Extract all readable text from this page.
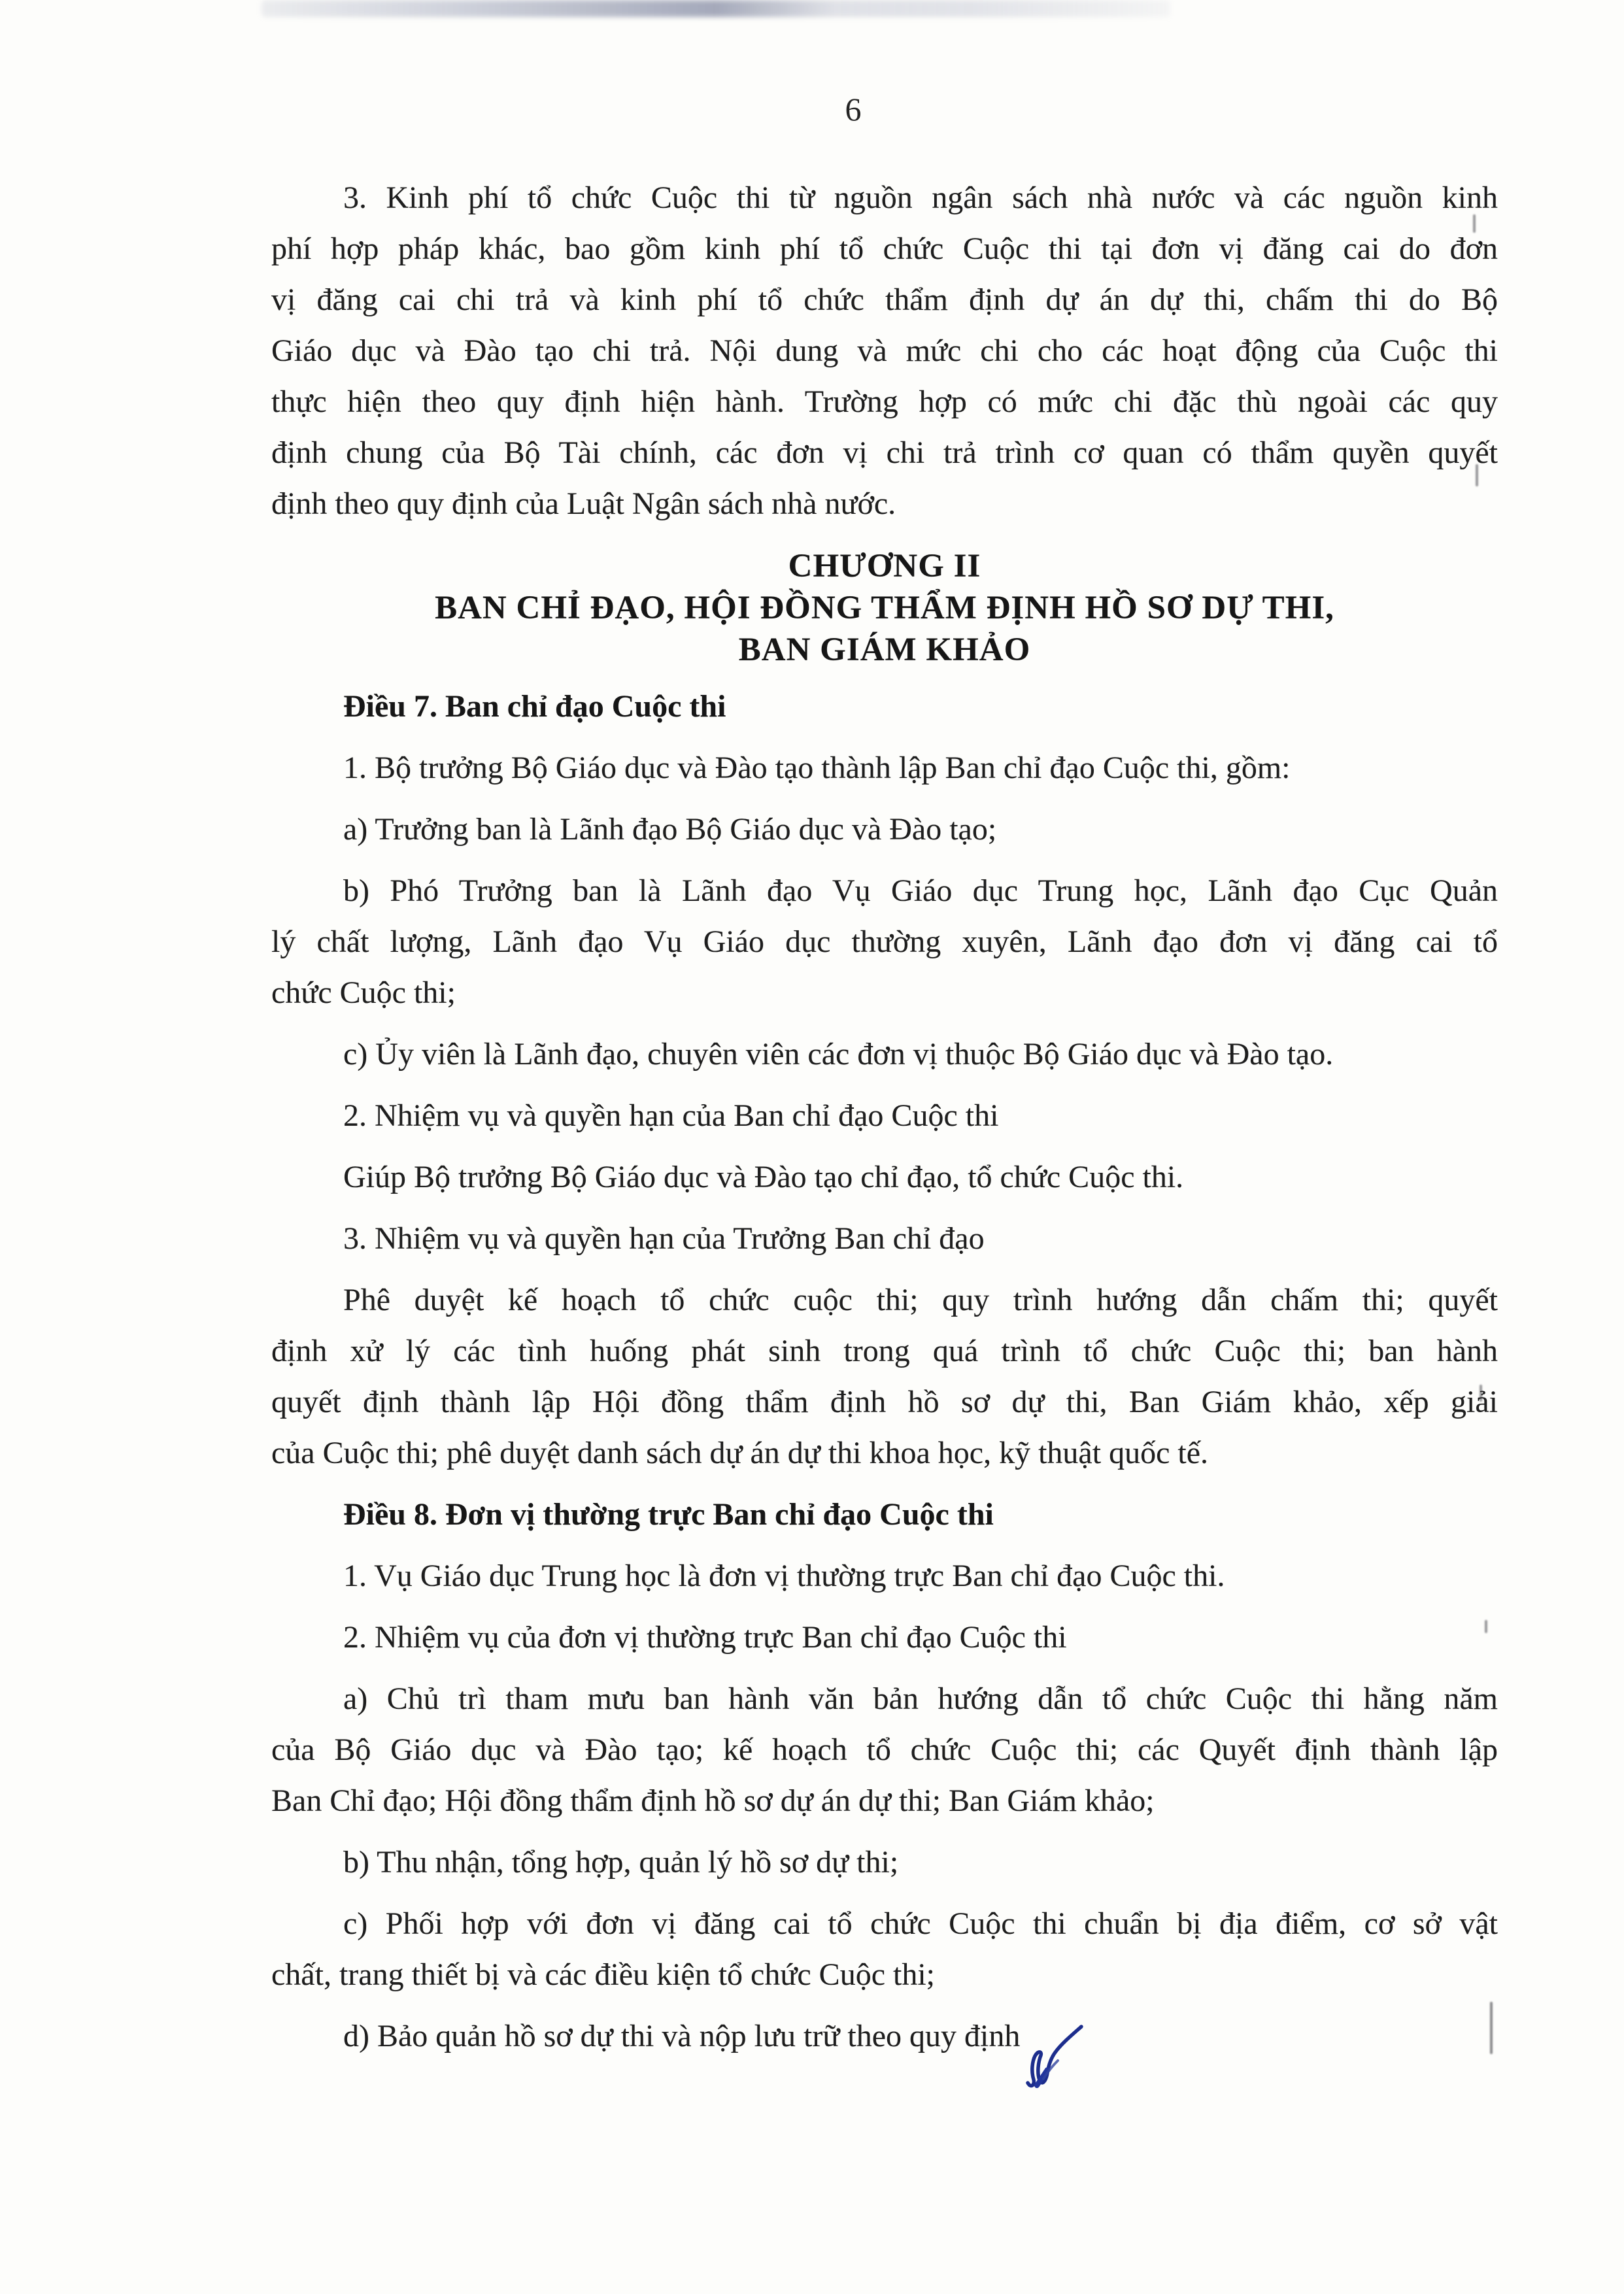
6
3. Kinh phí tổ chức Cuộc thi từ nguồn ngân sách nhà nước và các nguồn kinh
phí hợp pháp khác, bao gồm kinh phí tổ chức Cuộc thi tại đơn vị đăng cai do đơn
vị đăng cai chi trả và kinh phí tổ chức thẩm định dự án dự thi, chấm thi do Bộ
Giáo dục và Đào tạo chi trả. Nội dung và mức chi cho các hoạt động của Cuộc thi
thực hiện theo quy định hiện hành. Trường hợp có mức chi đặc thù ngoài các quy
định chung của Bộ Tài chính, các đơn vị chi trả trình cơ quan có thẩm quyền quyết
định theo quy định của Luật Ngân sách nhà nước.
CHƯƠNG II
BAN CHỈ ĐẠO, HỘI ĐỒNG THẨM ĐỊNH HỒ SƠ DỰ THI,
BAN GIÁM KHẢO
Điều 7. Ban chỉ đạo Cuộc thi
1. Bộ trưởng Bộ Giáo dục và Đào tạo thành lập Ban chỉ đạo Cuộc thi, gồm:
a) Trưởng ban là Lãnh đạo Bộ Giáo dục và Đào tạo;
b) Phó Trưởng ban là Lãnh đạo Vụ Giáo dục Trung học, Lãnh đạo Cục Quản
lý chất lượng, Lãnh đạo Vụ Giáo dục thường xuyên, Lãnh đạo đơn vị đăng cai tổ
chức Cuộc thi;
c) Ủy viên là Lãnh đạo, chuyên viên các đơn vị thuộc Bộ Giáo dục và Đào tạo.
2. Nhiệm vụ và quyền hạn của Ban chỉ đạo Cuộc thi
Giúp Bộ trưởng Bộ Giáo dục và Đào tạo chỉ đạo, tổ chức Cuộc thi.
3. Nhiệm vụ và quyền hạn của Trưởng Ban chỉ đạo
Phê duyệt kế hoạch tổ chức cuộc thi; quy trình hướng dẫn chấm thi; quyết
định xử lý các tình huống phát sinh trong quá trình tổ chức Cuộc thi; ban hành
quyết định thành lập Hội đồng thẩm định hồ sơ dự thi, Ban Giám khảo, xếp giải
của Cuộc thi; phê duyệt danh sách dự án dự thi khoa học, kỹ thuật quốc tế.
Điều 8. Đơn vị thường trực Ban chỉ đạo Cuộc thi
1. Vụ Giáo dục Trung học là đơn vị thường trực Ban chỉ đạo Cuộc thi.
2. Nhiệm vụ của đơn vị thường trực Ban chỉ đạo Cuộc thi
a) Chủ trì tham mưu ban hành văn bản hướng dẫn tổ chức Cuộc thi hằng năm
của Bộ Giáo dục và Đào tạo; kế hoạch tổ chức Cuộc thi; các Quyết định thành lập
Ban Chỉ đạo; Hội đồng thẩm định hồ sơ dự án dự thi; Ban Giám khảo;
b) Thu nhận, tổng hợp, quản lý hồ sơ dự thi;
c) Phối hợp với đơn vị đăng cai tổ chức Cuộc thi chuẩn bị địa điểm, cơ sở vật
chất, trang thiết bị và các điều kiện tổ chức Cuộc thi;
d) Bảo quản hồ sơ dự thi và nộp lưu trữ theo quy định
